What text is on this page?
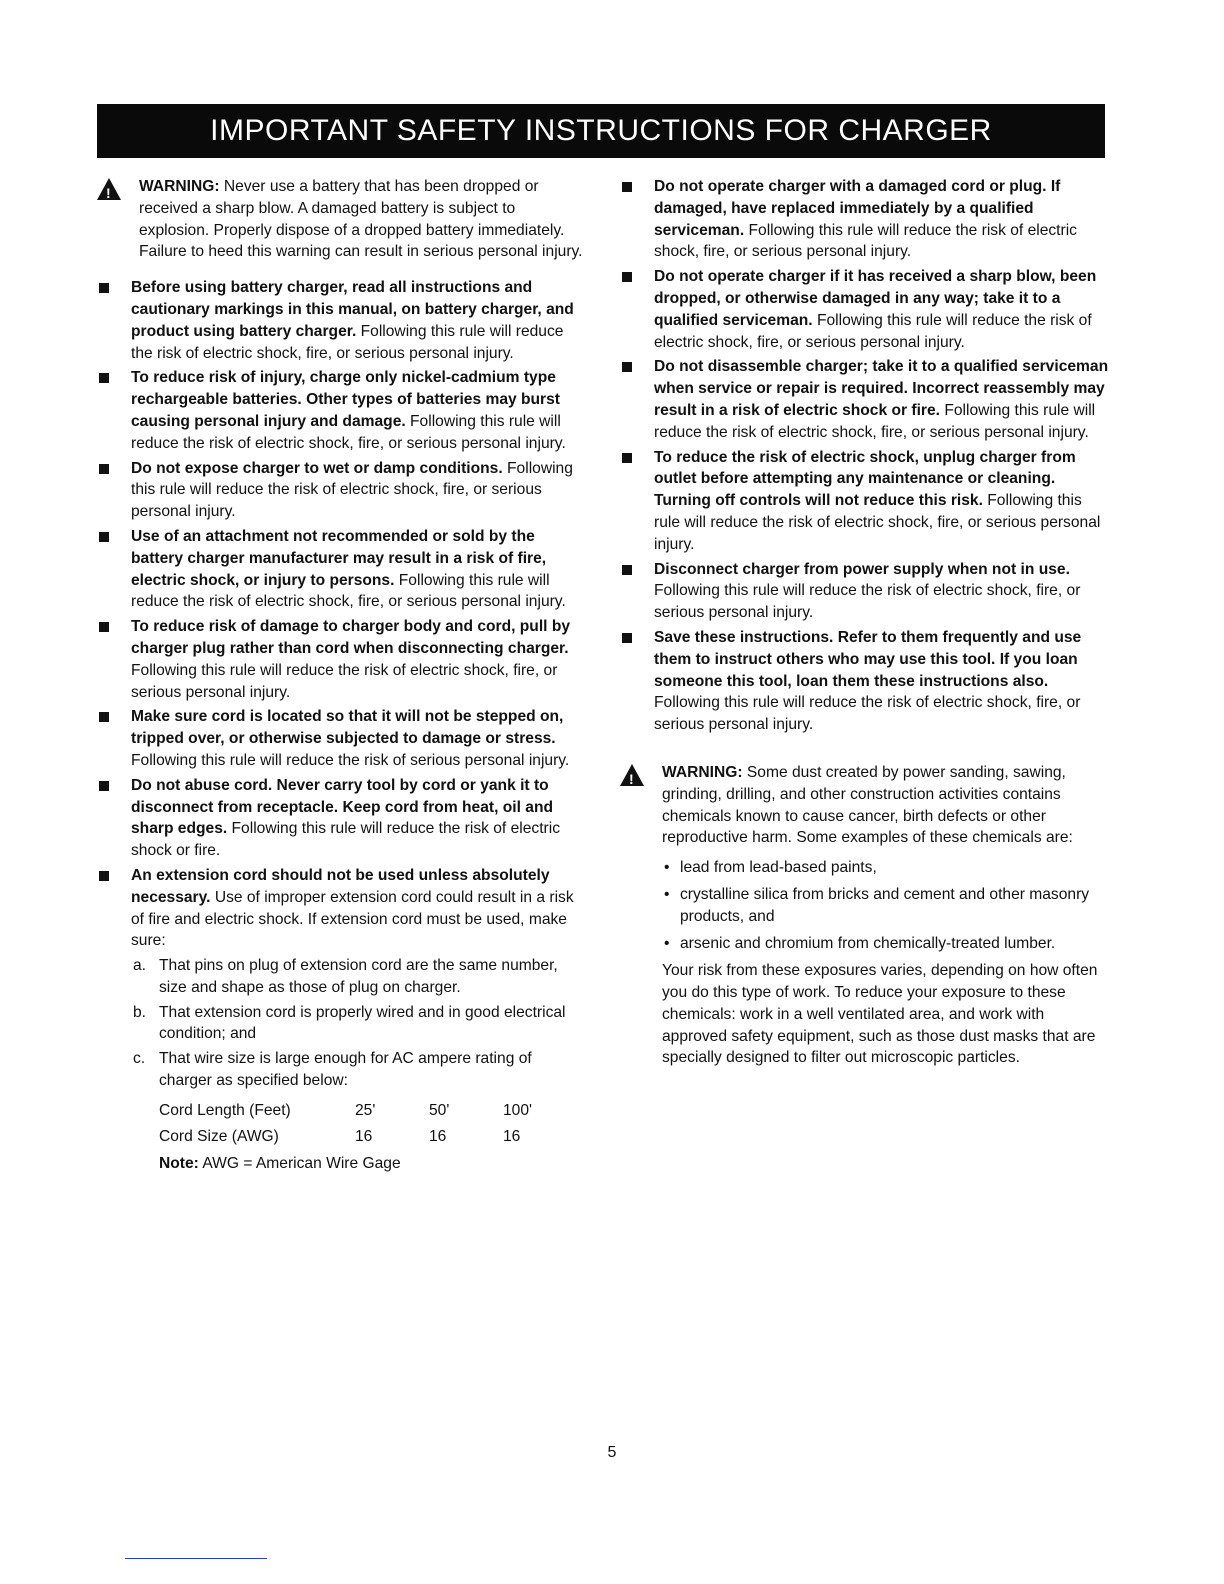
IMPORTANT SAFETY INSTRUCTIONS FOR CHARGER
!
WARNING: Never use a battery that has been dropped or received a sharp blow. A damaged battery is subject to explosion. Properly dispose of a dropped battery immediately. Failure to heed this warning can result in serious personal injury.
Before using battery charger, read all instructions and cautionary markings in this manual, on battery charger, and product using battery charger. Following this rule will reduce the risk of electric shock, fire, or serious personal injury.
To reduce risk of injury, charge only nickel-cadmium type rechargeable batteries. Other types of batteries may burst causing personal injury and damage. Following this rule will reduce the risk of electric shock, fire, or serious personal injury.
Do not expose charger to wet or damp conditions. Following this rule will reduce the risk of electric shock, fire, or serious personal injury.
Use of an attachment not recommended or sold by the battery charger manufacturer may result in a risk of fire, electric shock, or injury to persons. Following this rule will reduce the risk of electric shock, fire, or serious personal injury.
To reduce risk of damage to charger body and cord, pull by charger plug rather than cord when disconnecting charger. Following this rule will reduce the risk of electric shock, fire, or serious personal injury.
Make sure cord is located so that it will not be stepped on, tripped over, or otherwise subjected to damage or stress. Following this rule will reduce the risk of serious personal injury.
Do not abuse cord. Never carry tool by cord or yank it to disconnect from receptacle. Keep cord from heat, oil and sharp edges. Following this rule will reduce the risk of electric shock or fire.
An extension cord should not be used unless absolutely necessary. Use of improper extension cord could result in a risk of fire and electric shock. If extension cord must be used, make sure:
a. That pins on plug of extension cord are the same number, size and shape as those of plug on charger.
b. That extension cord is properly wired and in good electrical condition; and
c. That wire size is large enough for AC ampere rating of charger as specified below:
Cord Length (Feet)	25'	50'	100'
Cord Size (AWG)	16	16	16
Note: AWG = American Wire Gage
Do not operate charger with a damaged cord or plug. If damaged, have replaced immediately by a qualified serviceman. Following this rule will reduce the risk of electric shock, fire, or serious personal injury.
Do not operate charger if it has received a sharp blow, been dropped, or otherwise damaged in any way; take it to a qualified serviceman. Following this rule will reduce the risk of electric shock, fire, or serious personal injury.
Do not disassemble charger; take it to a qualified serviceman when service or repair is required. Incorrect reassembly may result in a risk of electric shock or fire. Following this rule will reduce the risk of electric shock, fire, or serious personal injury.
To reduce the risk of electric shock, unplug charger from outlet before attempting any maintenance or cleaning. Turning off controls will not reduce this risk. Following this rule will reduce the risk of electric shock, fire, or serious personal injury.
Disconnect charger from power supply when not in use. Following this rule will reduce the risk of electric shock, fire, or serious personal injury.
Save these instructions. Refer to them frequently and use them to instruct others who may use this tool. If you loan someone this tool, loan them these instructions also. Following this rule will reduce the risk of electric shock, fire, or serious personal injury.
!
WARNING: Some dust created by power sanding, sawing, grinding, drilling, and other construction activities contains chemicals known to cause cancer, birth defects or other reproductive harm. Some examples of these chemicals are:
• lead from lead-based paints,
• crystalline silica from bricks and cement and other masonry products, and
• arsenic and chromium from chemically-treated lumber.
Your risk from these exposures varies, depending on how often you do this type of work. To reduce your exposure to these chemicals: work in a well ventilated area, and work with approved safety equipment, such as those dust masks that are specially designed to filter out microscopic particles.
5
